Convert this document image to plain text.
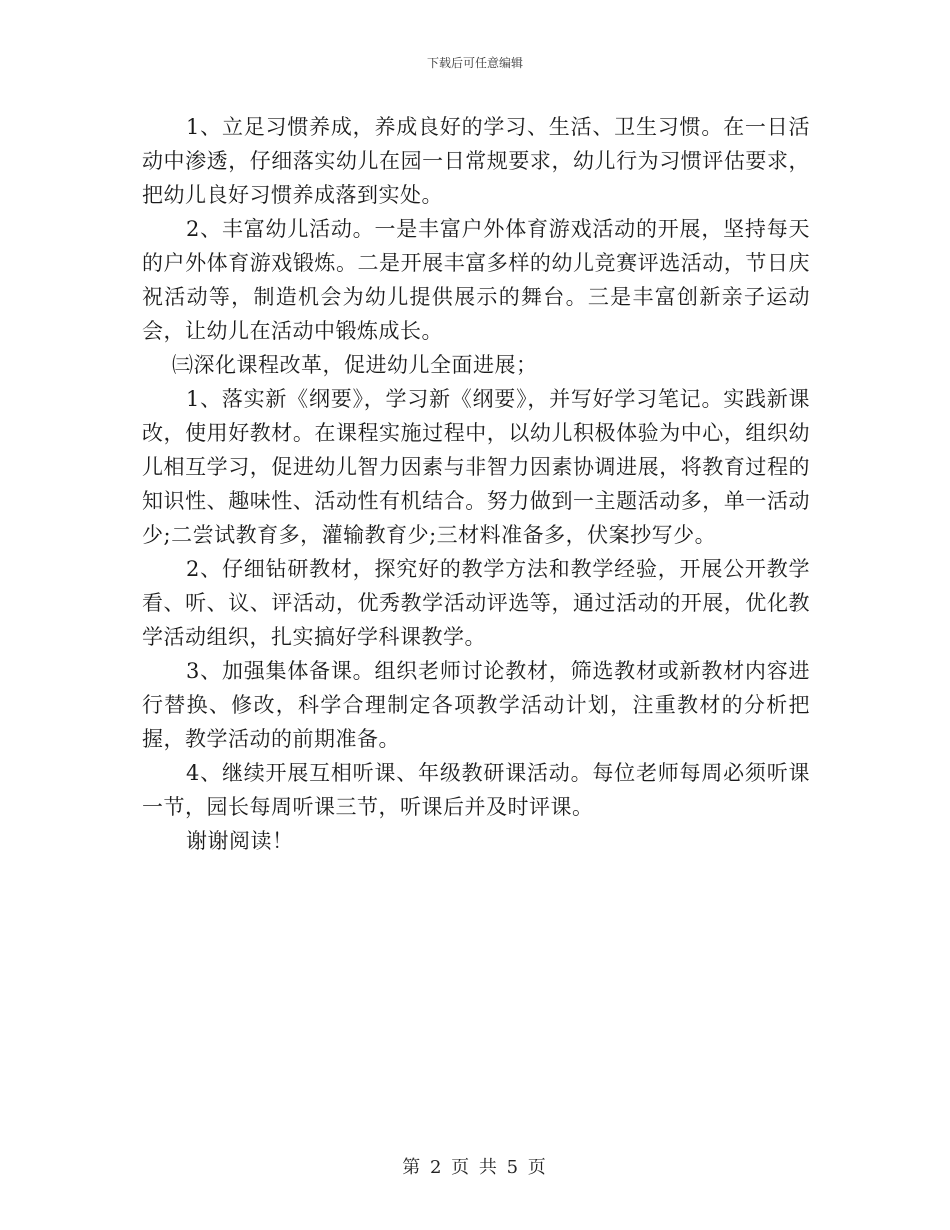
下载后可任意编辑

1、立足习惯养成，养成良好的学习、生活、卫生习惯。在一日活动中渗透，仔细落实幼儿在园一日常规要求，幼儿行为习惯评估要求，把幼儿良好习惯养成落到实处。

2、丰富幼儿活动。一是丰富户外体育游戏活动的开展，坚持每天的户外体育游戏锻炼。二是开展丰富多样的幼儿竞赛评选活动，节日庆祝活动等，制造机会为幼儿提供展示的舞台。三是丰富创新亲子运动会，让幼儿在活动中锻炼成长。

㈢深化课程改革，促进幼儿全面进展；

1、落实新《纲要》，学习新《纲要》，并写好学习笔记。实践新课改，使用好教材。在课程实施过程中，以幼儿积极体验为中心，组织幼儿相互学习，促进幼儿智力因素与非智力因素协调进展，将教育过程的知识性、趣味性、活动性有机结合。努力做到一主题活动多，单一活动少;二尝试教育多，灌输教育少;三材料准备多，伏案抄写少。

2、仔细钻研教材，探究好的教学方法和教学经验，开展公开教学看、听、议、评活动，优秀教学活动评选等，通过活动的开展，优化教学活动组织，扎实搞好学科课教学。

3、加强集体备课。组织老师讨论教材，筛选教材或新教材内容进行替换、修改，科学合理制定各项教学活动计划，注重教材的分析把握，教学活动的前期准备。

4、继续开展互相听课、年级教研课活动。每位老师每周必须听课一节，园长每周听课三节，听课后并及时评课。

谢谢阅读！

第 2 页 共 5 页
